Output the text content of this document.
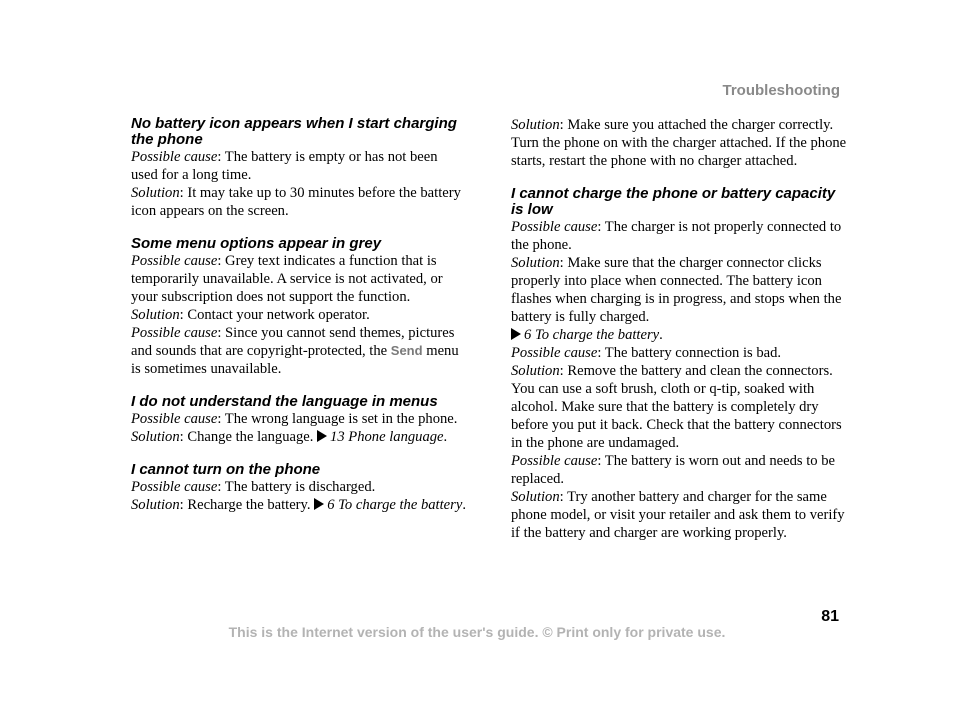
Troubleshooting

No battery icon appears when I start charging the phone

Possible cause: The battery is empty or has not been used for a long time.

Solution: It may take up to 30 minutes before the battery icon appears on the screen.

Some menu options appear in grey

Possible cause: Grey text indicates a function that is temporarily unavailable. A service is not activated, or your subscription does not support the function.

Solution: Contact your network operator.

Possible cause: Since you cannot send themes, pictures and sounds that are copyright-protected, the Send menu is sometimes unavailable.

I do not understand the language in menus

Possible cause: The wrong language is set in the phone.

Solution: Change the language. 13 Phone language.

I cannot turn on the phone

Possible cause: The battery is discharged.

Solution: Recharge the battery. 6 To charge the battery.

Solution: Make sure you attached the charger correctly. Turn the phone on with the charger attached. If the phone starts, restart the phone with no charger attached.

I cannot charge the phone or battery capacity is low

Possible cause: The charger is not properly connected to the phone.

Solution: Make sure that the charger connector clicks properly into place when connected. The battery icon flashes when charging is in progress, and stops when the battery is fully charged.

6 To charge the battery.

Possible cause: The battery connection is bad.

Solution: Remove the battery and clean the connectors. You can use a soft brush, cloth or q-tip, soaked with alcohol. Make sure that the battery is completely dry before you put it back. Check that the battery connectors in the phone are undamaged.

Possible cause: The battery is worn out and needs to be replaced.

Solution: Try another battery and charger for the same phone model, or visit your retailer and ask them to verify if the battery and charger are working properly.

81
This is the Internet version of the user's guide. © Print only for private use.
